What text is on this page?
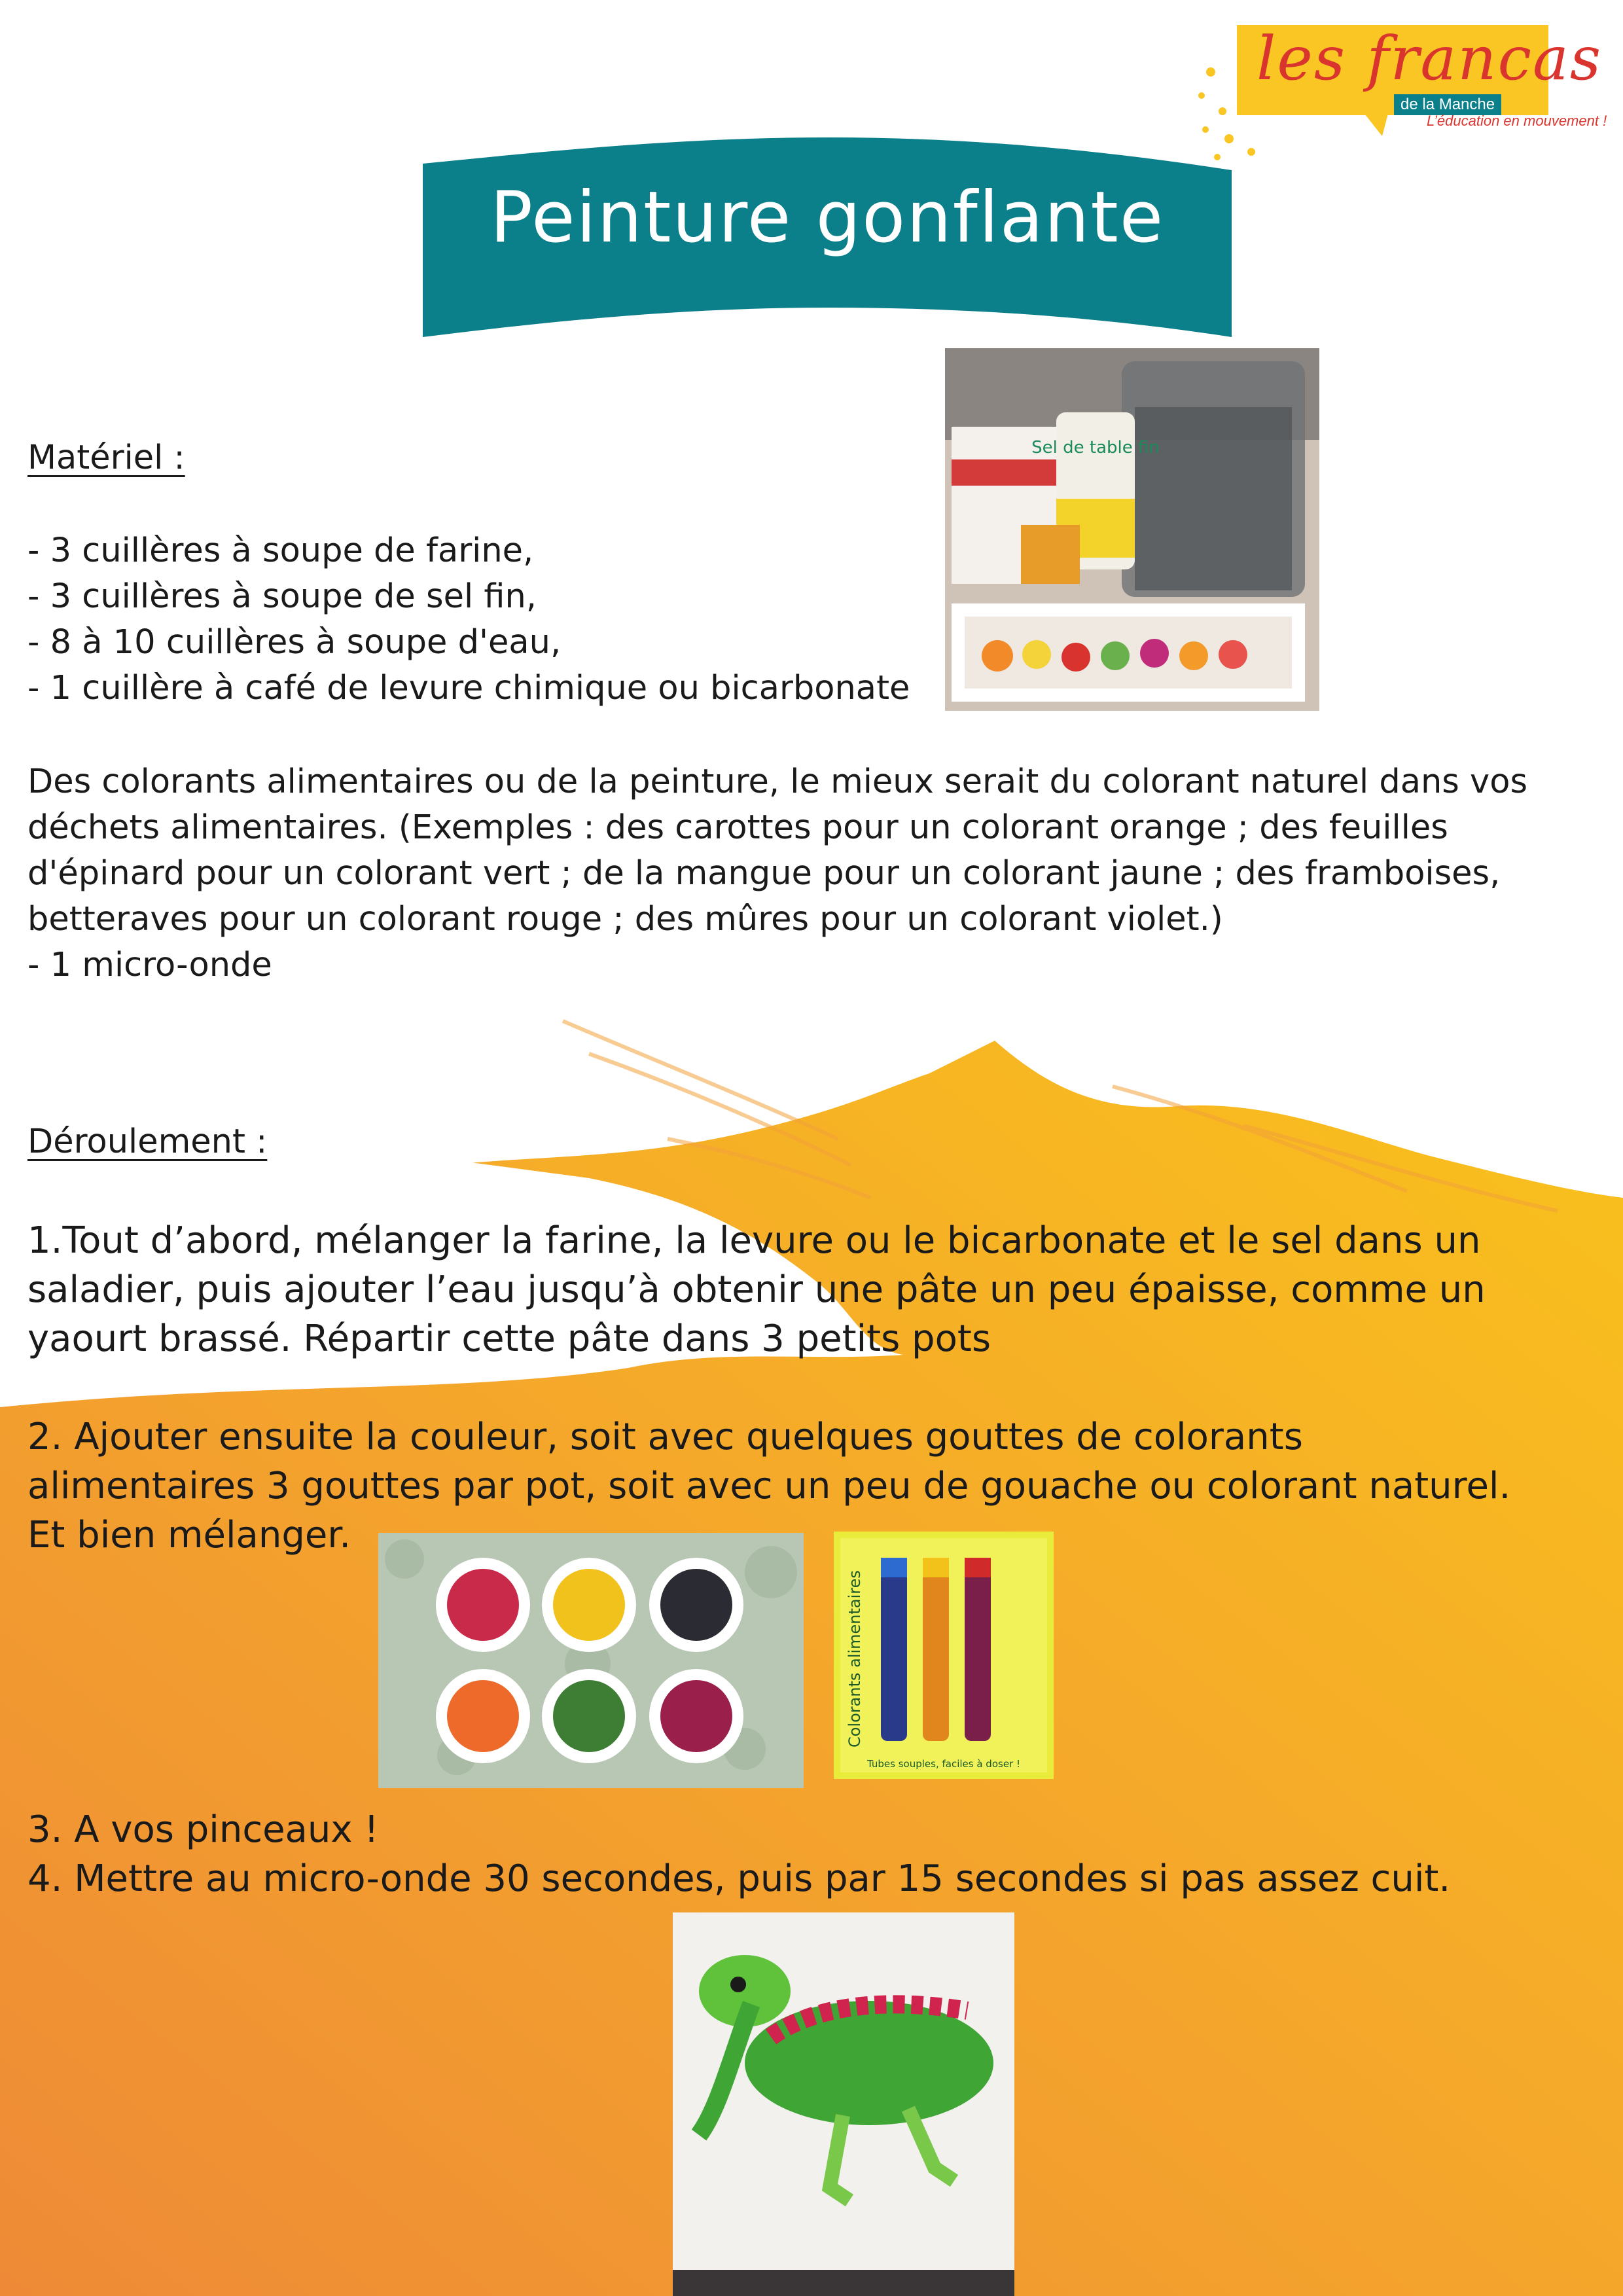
les francas
de la Manche
L’éducation en mouvement !
Peinture gonflante
Sel de table fin
Matériel :
- 3 cuillères à soupe de farine,
- 3 cuillères à soupe de sel fin,
- 8 à 10 cuillères à soupe d'eau,
- 1 cuillère à café de levure chimique ou bicarbonate
Des colorants alimentaires ou de la peinture, le mieux serait du colorant naturel dans vos
déchets alimentaires. (Exemples : des carottes pour un colorant orange ; des feuilles
d'épinard pour un colorant vert ; de la mangue pour un colorant jaune ; des framboises,
betteraves pour un colorant rouge ; des mûres pour un colorant violet.)
- 1 micro-onde
Déroulement :
1.Tout d’abord, mélanger la farine, la levure ou le bicarbonate et le sel dans un
saladier, puis ajouter l’eau jusqu’à obtenir une pâte un peu épaisse, comme un
yaourt brassé. Répartir cette pâte dans 3 petits pots
2. Ajouter ensuite la couleur, soit avec quelques gouttes de colorants
alimentaires 3 gouttes par pot, soit avec un peu de gouache ou colorant naturel.
Et bien mélanger.
Colorants alimentaires
Tubes souples, faciles à doser !
3. A vos pinceaux !
4. Mettre au micro-onde 30 secondes, puis par 15 secondes si pas assez cuit.
